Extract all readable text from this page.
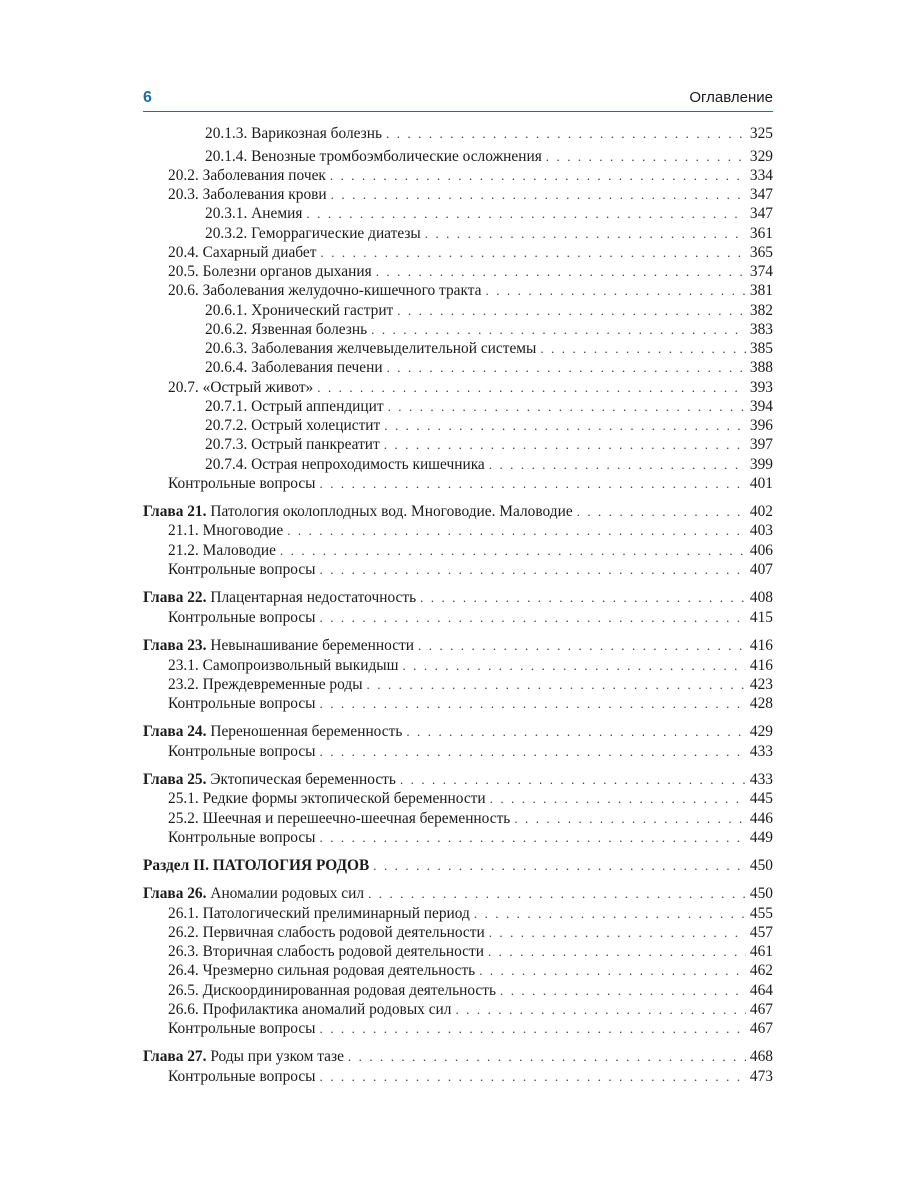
6	Оглавление
20.1.3. Варикозная болезнь . . .	325
20.1.4. Венозные тромбоэмболические осложнения . . .	329
20.2. Заболевания почек . . .	334
20.3. Заболевания крови . . .	347
20.3.1. Анемия . . .	347
20.3.2. Геморрагические диатезы . . .	361
20.4. Сахарный диабет . . .	365
20.5. Болезни органов дыхания . . .	374
20.6. Заболевания желудочно-кишечного тракта . . .	381
20.6.1. Хронический гастрит . . .	382
20.6.2. Язвенная болезнь . . .	383
20.6.3. Заболевания желчевыделительной системы . . .	385
20.6.4. Заболевания печени . . .	388
20.7. «Острый живот» . . .	393
20.7.1. Острый аппендицит . . .	394
20.7.2. Острый холецистит . . .	396
20.7.3. Острый панкреатит . . .	397
20.7.4. Острая непроходимость кишечника . . .	399
Контрольные вопросы . . .	401
Глава 21. Патология околоплодных вод. Многоводие. Маловодие . . .	402
21.1. Многоводие . . .	403
21.2. Маловодие . . .	406
Контрольные вопросы . . .	407
Глава 22. Плацентарная недостаточность . . .	408
Контрольные вопросы . . .	415
Глава 23. Невынашивание беременности . . .	416
23.1. Самопроизвольный выкидыш . . .	416
23.2. Преждевременные роды . . .	423
Контрольные вопросы . . .	428
Глава 24. Переношенная беременность . . .	429
Контрольные вопросы . . .	433
Глава 25. Эктопическая беременность . . .	433
25.1. Редкие формы эктопической беременности . . .	445
25.2. Шеечная и перешеечно-шеечная беременность . . .	446
Контрольные вопросы . . .	449
Раздел II. ПАТОЛОГИЯ РОДОВ . . .	450
Глава 26. Аномалии родовых сил . . .	450
26.1. Патологический прелиминарный период . . .	455
26.2. Первичная слабость родовой деятельности . . .	457
26.3. Вторичная слабость родовой деятельности . . .	461
26.4. Чрезмерно сильная родовая деятельность . . .	462
26.5. Дискоординированная родовая деятельность . . .	464
26.6. Профилактика аномалий родовых сил . . .	467
Контрольные вопросы . . .	467
Глава 27. Роды при узком тазе . . .	468
Контрольные вопросы . . .	473
